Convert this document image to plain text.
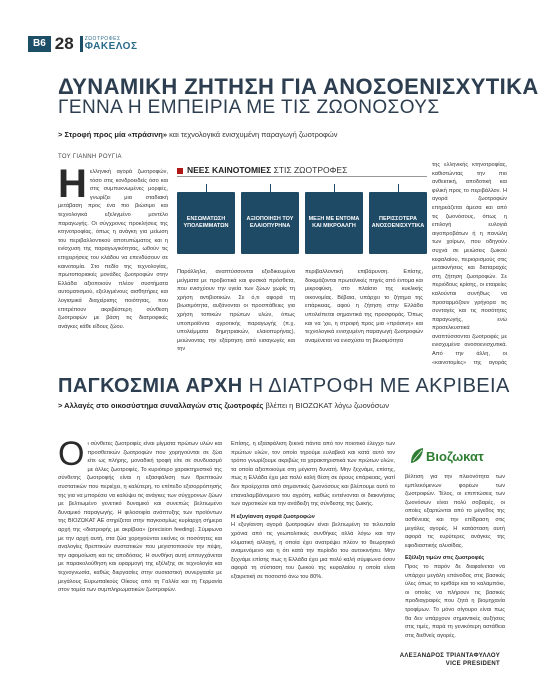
B6 28	ΖΩΟΤΡΟΦΕΣ
ΦΑΚΕΛΟΣ
ΔΥΝΑΜΙΚΗ ΖΗΤΗΣΗ ΓΙΑ ΑΝΟΣΟΕΝΙΣΧΥΤΙΚΑ
ΓΕΝΝΑ Η ΕΜΠΕΙΡΙΑ ΜΕ ΤΙΣ ΖΩΟΝΟΣΟΥΣ
> Στροφή προς μία «πράσινη» και τεχνολογικά ενισχυμένη παραγωγή ζωοτροφών
ΤΟΥ ΓΙΑΝΝΗ ΡΟΥΓΙΑ
Η ελληνική αγορά ζωοτροφών, τόσο στις κονδροειδείς όσο και στις συμπυκνωμένες μορφές, γνωρίζει μια σταδιακή μετάβαση προς ένα πιο βιώσιμο και τεχνολογικά εξελιγμένο μοντέλο παραγωγής. Οι σύγχρονες προκλήσεις της κτηνοτροφίας, όπως η ανάγκη για μείωση του περιβαλλοντικού αποτυπώματος και η ενίσχυση της παραγωγικότητας, ωθούν τις επιχειρήσεις του κλάδου να επενδύσουν σε καινοτομία. Στο πεδίο της τεχνολογίας, πρωτοποριακές μονάδες ζωοτροφών στην Ελλάδα αξιοποιούν πλέον συστήματα αυτοματισμού, εξελιγμένους αισθητήρες και λογισμικά διαχείρισης ποιότητας, που επιτρέπουν ακριβέστερη σύνθεση ζωοτροφών με βάση τις διατροφικές ανάγκες κάθε είδους ζώου.
ΝΕΕΣ ΚΑΙΝΟΤΟΜΙΕΣ ΣΤΙΣ ΖΩΟΤΡΟΦΕΣ
ΕΝΣΩΜΑΤΩΣΗ ΥΠΟΛΕΙΜΜΑΤΩΝ
ΑΞΙΟΠΟΙΗΣΗ ΤΟΥ ΕΛΑΙΟΠΥΡΗΝΑ
ΜΕΞΗ ΜΕ ΕΝΤΟΜΑ ΚΑΙ ΜΙΚΡΟΑΛΓΗ
ΠΕΡΙΣΣΟΤΕΡΑ ΑΝΟΣΟΕΝΙΣΧΥΤΙΚΑ
Παράλληλα, αναπτύσσονται εξειδικευμένα μείγματα με προβιοτικά και φυσικά πρόσθετα, που ενισχύουν την υγεία των ζώων χωρίς τη χρήση αντιβιοτικών. Σε ό,τι αφορά τη βιωσιμότητα, αυξάνονται οι προσπάθειες για χρήση τοπικών πρώτων υλών, όπως υποπροϊόντα αγροτικής παραγωγής (π.χ. υπολείμματα δημητριακών, ελαιοπυρήνας), μειώνοντας την εξάρτηση από εισαγωγές και την
περιβαλλοντική επιβάρυνση. Επίσης, δοκιμάζονται πρωτεϊνικές πηγές από έντομα και μικροφύκη, στο πλαίσιο της κυκλικής οικονομίας. Βέβαια, υπάρχει το ζήτημα της επάρκειας, αφού η ζήτηση στην Ελλάδα υπολείπεται σημαντικά της προσφοράς. Όπως και να 'χει, η στροφή προς μια «πράσινη» και τεχνολογικά ενισχυμένη παραγωγή ζωοτροφών αναμένεται να ενισχύσει τη βιωσιμότητα
της ελληνικής κτηνοτροφίας, καθιστώντας την πιο ανθεκτική, αποδοτική και φιλική προς το περιβάλλον. Η αγορά ζωοτροφών επηρεάζεται άμεσα και από τις ζωονόσους, όπως η επιλογή ευλογιά αιγοπροβάτων ή η πανώλη των χοίρων, που οδηγούν συχνά σε μειώσεις ζωικού κεφαλαίου, περιορισμούς στις μετακινήσεις και διαταραχές στη ζήτηση ζωοτροφών. Σε περιόδους κρίσης, οι εταιρείες καλούνται συνήθως να προσαρμόζουν γρήγορα τις συνταγές και τις ποσότητες παραγωγής, ενώ προσελκυστικά αναπτύσσονται ζωοτροφές με ενισχυμένα ανοσοενισχυτικά. Από την άλλη, οι «καινοτομίες» της αγοράς
ΠΑΓΚΟΣΜΙΑ ΑΡΧΗ Η ΔΙΑΤΡΟΦΗ ΜΕ ΑΚΡΙΒΕΙΑ
> Αλλαγές στο οικοσύστημα συναλλαγών στις ζωοτροφές βλέπει η ΒΙΟΖΩΚΑΤ λόγω ζωονόσων
Ο ι σύνθετες ζωοτροφές είναι μίγματα πρώτων υλών και προσθετικών ζωοτροφών που χορηγούνται σε ζώα είτε ως πλήρης, μοναδική τροφή είτε σε συνδυασμό με άλλες ζωοτροφές. Το κυριότερο χαρακτηριστικό της σύνθετης ζωοτροφής είναι η εξασφάλιση των θρεπτικών συστατικών που περιέχει, η καλύτερη, το επίπεδο εξισορρόπησής της για να μπορέσει να καλύψει τις ανάγκες των σύγχρονων ζώων με βελτιωμένο γενετικό δυναμικό και συνεπώς βελτιωμένο δυναμικό παραγωγής. Η φιλοσοφία ανάπτυξης των προϊόντων της ΒΙΟΖΩΚΑΤ ΑΕ στηρίζεται στην παγκοσμίως κυρίαρχη σήμερα αρχή της «διατροφής με ακρίβεια» (precision feeding). Σύμφωνα με την αρχή αυτή, στα ζώα χορηγούνται εκείνες οι ποσότητες και αναλογίες θρεπτικών συστατικών που μεγιστοποιούν την πέψη, την αφομοίωση και τις αποδόσεις. Η συνθήκη αυτή επιτυγχάνεται με παρακολούθηση και εφαρμογή της εξέλιξης σε τεχνολογία και τεχνογνωσία, καθώς διεργασίες στην ουσιαστική συνεργασία με μεγάλους Ευρωπαϊκούς Οίκους από τη Γαλλία και τη Γερμανία στον τομέα των συμπληρωματικών ζωοτροφών.

Επίσης, η εξασφάλιση ξεκινά πάντα από τον ποιοτικό έλεγχο των πρώτων υλών, τον οποίο τηρούμε ευλαβικά και κατά αυτό τον τρόπο γνωρίζουμε ακριβώς τα χαρακτηριστικά των πρώτων υλών, τα οποία αξιοποιούμε στη μέγιστη δυνατή. Μην ξεχνάμε, επίσης, πως η Ελλάδα έχει μια πολύ καλή θέση σε όρους επάρκειας, γιατί δεν προέρχεται από σημαντικές ζωονόσους και βλέπουμε αυτό το επαναλαμβάνομενο του αγρότη, καθώς εντείνονται οι διακινήσεις των αγροτικών και την ανάδειξη της σύνδεσης της ζωικής.

Η εξυγίανση αγορά ζωοτροφών

Η εξυγίανση αγορά ζωοτροφών είναι βελτιωμένη τα τελευταία χρόνια από τις γεωπολιτικές συνθήκες αλλά λόγω και την κλιματική αλλαγή, η οποία έχει ανατρέψει πλέον το θεωρητικό αναμενόμενο και η ότι κατά την περίοδο του αυτοκινήσει. Μην ξεχνάμε επίσης πως η Ελλάδα έχει μια πολύ καλή σύμφωνα όσον αφορά τη σύσταση του ζωικού της κεφαλαίου η οποία είναι εξαιρετική σε ποσοστό άνω του 80%.

Βιοζωκατ

βέλτιση για την πλειονότητα των εμπλεκόμενων φορέων των ζωοτροφών. Τέλος, οι επιπτώσεις των ζωονόσων είναι πολύ σοβαρές, οι οποίες εξαρτώνται από το μέγεθος της ασθένειας και την επίδραση στις μεγάλες αγορές. Η κατάσταση αυτή αφορά τις ευρύτερες ανάγκες της εφοδιαστικής αλυσίδας.

Εξέλιξη τιμών στις ζωοτροφές

Προς το παρόν δε διαφαίνεται να υπάρχει μεγάλη επάνοδος στις βασικές ύλες όπως το κριθάρι και το καλαμπόκι, οι οποίες να πλήρουν τις βασικές προδιαγραφές που ζητά η βιομηχανία τροφίμων. Το μόνο σίγουρο είναι πως θα δεν υπάρχουν σημαντικές αυξήσεις στις τιμές, παρά τη γενικότερη αστάθεια στις διεθνείς αγορές.

ΑΛΕΞΑΝΔΡΟΣ ΤΡΙΑΝΤΑΦΥΛΛΟΥ
VICE PRESIDENT
